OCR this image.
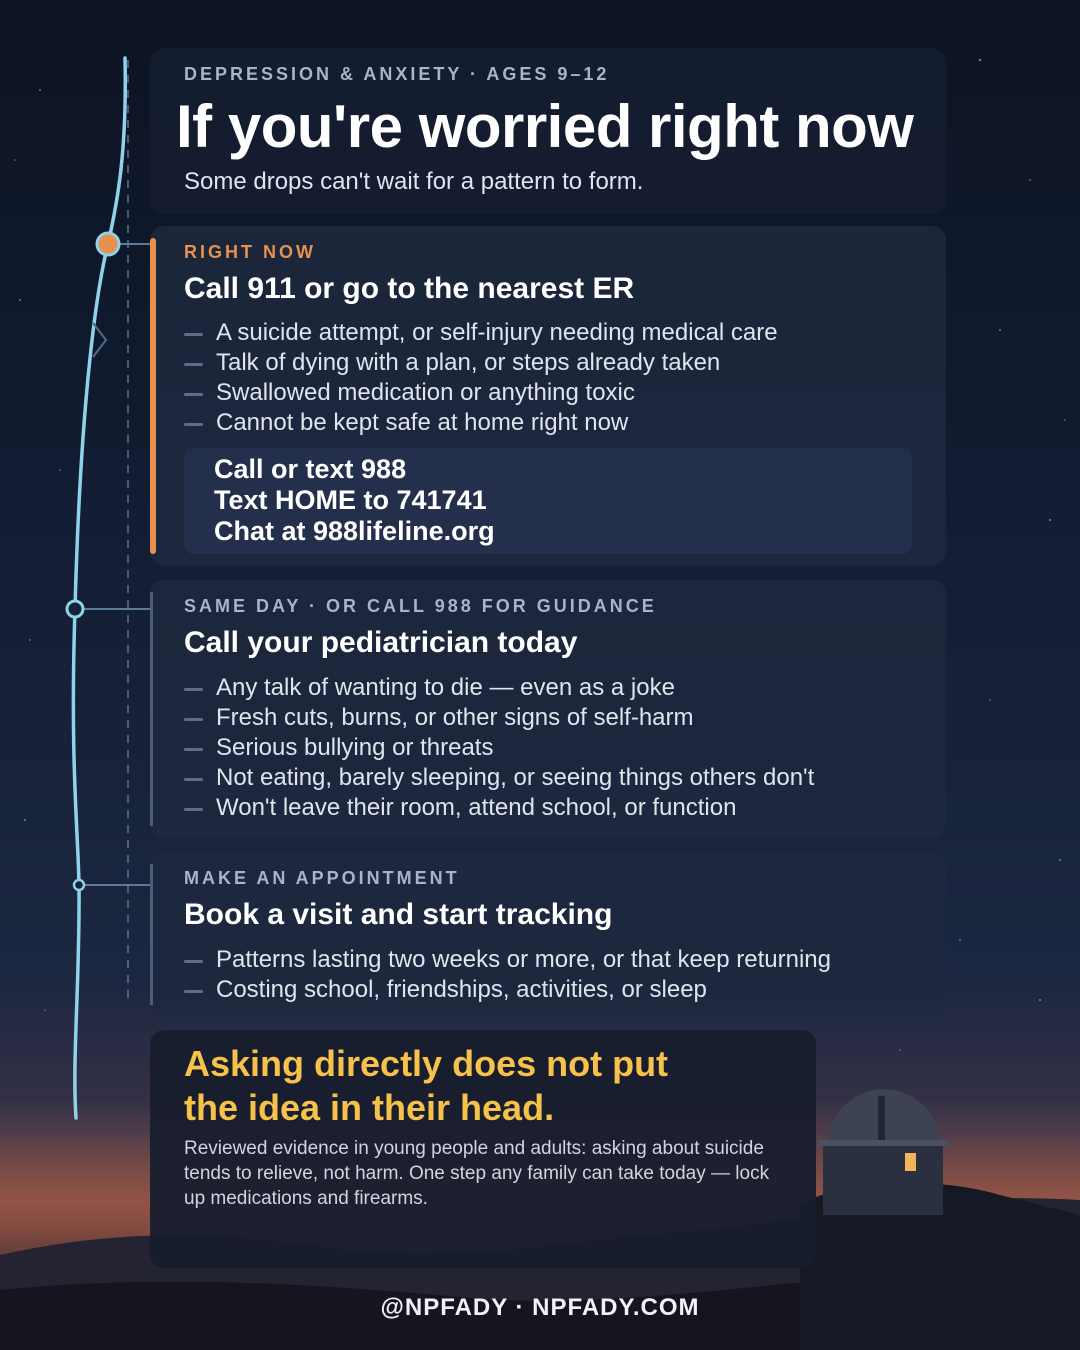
DEPRESSION & ANXIETY · AGES 9–12
If you're worried right now
Some drops can't wait for a pattern to form.
RIGHT NOW
Call 911 or go to the nearest ER
A suicide attempt, or self-injury needing medical care
Talk of dying with a plan, or steps already taken
Swallowed medication or anything toxic
Cannot be kept safe at home right now
Call or text 988
Text HOME to 741741
Chat at 988lifeline.org
SAME DAY · OR CALL 988 FOR GUIDANCE
Call your pediatrician today
Any talk of wanting to die — even as a joke
Fresh cuts, burns, or other signs of self-harm
Serious bullying or threats
Not eating, barely sleeping, or seeing things others don't
Won't leave their room, attend school, or function
MAKE AN APPOINTMENT
Book a visit and start tracking
Patterns lasting two weeks or more, or that keep returning
Costing school, friendships, activities, or sleep
Asking directly does not put
the idea in their head.
Reviewed evidence in young people and adults: asking about suicide tends to relieve, not harm. One step any family can take today — lock up medications and firearms.
@NPFADY · NPFADY.COM
